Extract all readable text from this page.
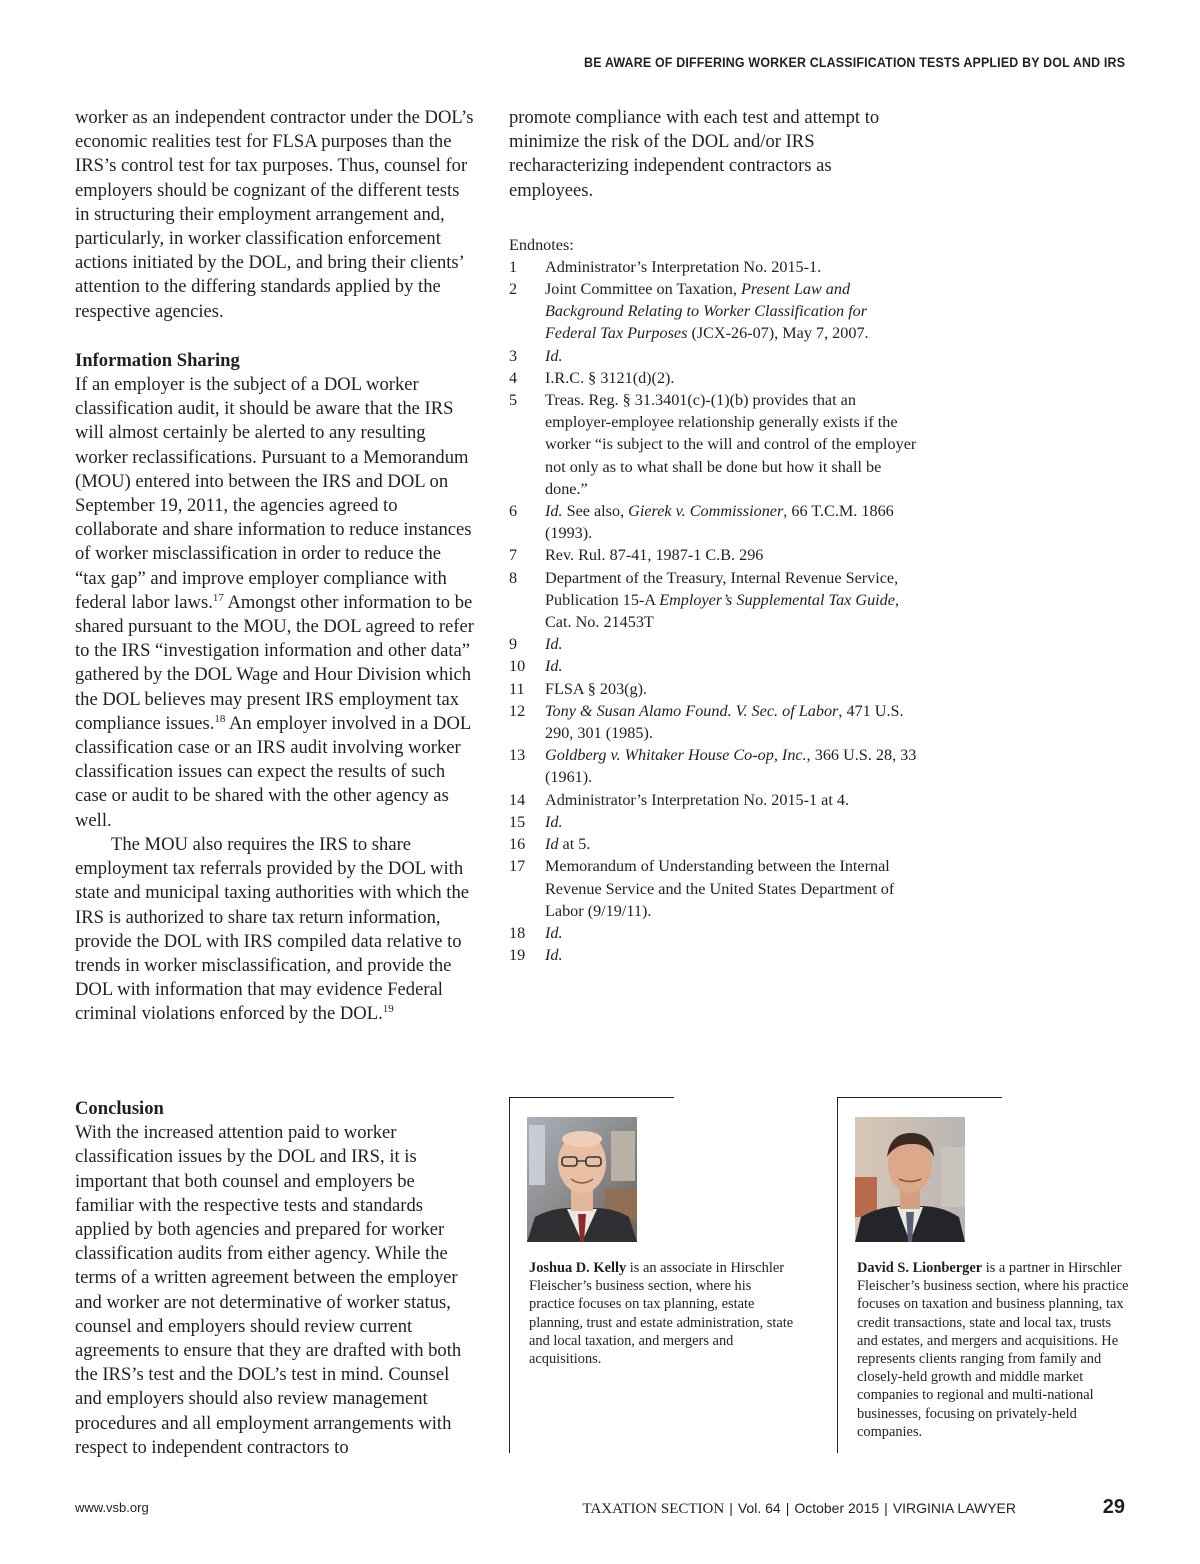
BE AWARE OF DIFFERING WORKER CLASSIFICATION TESTS APPLIED BY DOL AND IRS

worker as an independent contractor under the DOL’s economic realities test for FLSA purposes than the IRS’s control test for tax purposes. Thus, counsel for employers should be cognizant of the different tests in structuring their employment arrangement and, particularly, in worker classification enforcement actions initiated by the DOL, and bring their clients’ attention to the differing standards applied by the respective agencies.

Information Sharing

If an employer is the subject of a DOL worker classification audit, it should be aware that the IRS will almost certainly be alerted to any resulting worker reclassifications. Pursuant to a Memorandum (MOU) entered into between the IRS and DOL on September 19, 2011, the agencies agreed to collaborate and share information to reduce instances of worker misclassification in order to reduce the “tax gap” and improve employer compliance with federal labor laws.$^{17}$ Amongst other information to be shared pursuant to the MOU, the DOL agreed to refer to the IRS “investigation information and other data” gathered by the DOL Wage and Hour Division which the DOL believes may present IRS employment tax compliance issues.$^{18}$ An employer involved in a DOL classification case or an IRS audit involving worker classification issues can expect the results of such case or audit to be shared with the other agency as well.

The MOU also requires the IRS to share employment tax referrals provided by the DOL with state and municipal taxing authorities with which the IRS is authorized to share tax return information, provide the DOL with IRS compiled data relative to trends in worker misclassification, and provide the DOL with information that may evidence Federal criminal violations enforced by the DOL.$^{19}$

Conclusion

With the increased attention paid to worker classification issues by the DOL and IRS, it is important that both counsel and employers be familiar with the respective tests and standards applied by both agencies and prepared for worker classification audits from either agency. While the terms of a written agreement between the employer and worker are not determinative of worker status, counsel and employers should review current agreements to ensure that they are drafted with both the IRS’s test and the DOL’s test in mind. Counsel and employers should also review management procedures and all employment arrangements with respect to independent contractors to

promote compliance with each test and attempt to minimize the risk of the DOL and/or IRS recharacterizing independent contractors as employees.

Endnotes:
1	Administrator’s Interpretation No. 2015-1.
2	Joint Committee on Taxation, Present Law and Background Relating to Worker Classification for Federal Tax Purposes (JCX-26-07), May 7, 2007.
3	Id.
4	I.R.C. § 3121(d)(2).
5	Treas. Reg. § 31.3401(c)-(1)(b) provides that an employer-employee relationship generally exists if the worker “is subject to the will and control of the employer not only as to what shall be done but how it shall be done.”
6	Id. See also, Gierek v. Commissioner, 66 T.C.M. 1866 (1993).
7	Rev. Rul. 87-41, 1987-1 C.B. 296
8	Department of the Treasury, Internal Revenue Service, Publication 15-A Employer’s Supplemental Tax Guide, Cat. No. 21453T
9	Id.
10	Id.
11	FLSA § 203(g).
12	Tony & Susan Alamo Found. V. Sec. of Labor, 471 U.S. 290, 301 (1985).
13	Goldberg v. Whitaker House Co-op, Inc., 366 U.S. 28, 33 (1961).
14	Administrator’s Interpretation No. 2015-1 at 4.
15	Id.
16	Id at 5.
17	Memorandum of Understanding between the Internal Revenue Service and the United States Department of Labor (9/19/11).
18	Id.
19	Id.
Joshua D. Kelly is an associate in Hirschler Fleischer’s business section, where his practice focuses on tax planning, estate planning, trust and estate administration, state and local taxation, and mergers and acquisitions.
David S. Lionberger is a partner in Hirschler Fleischer’s business section, where his practice focuses on taxation and business planning, tax credit transactions, state and local tax, trusts and estates, and mergers and acquisitions. He represents clients ranging from family and closely-held growth and middle market companies to regional and multi-national businesses, focusing on privately-held companies.
www.vsb.org	TAXATION SECTION | Vol. 64 | October 2015 | VIRGINIA LAWYER	29
